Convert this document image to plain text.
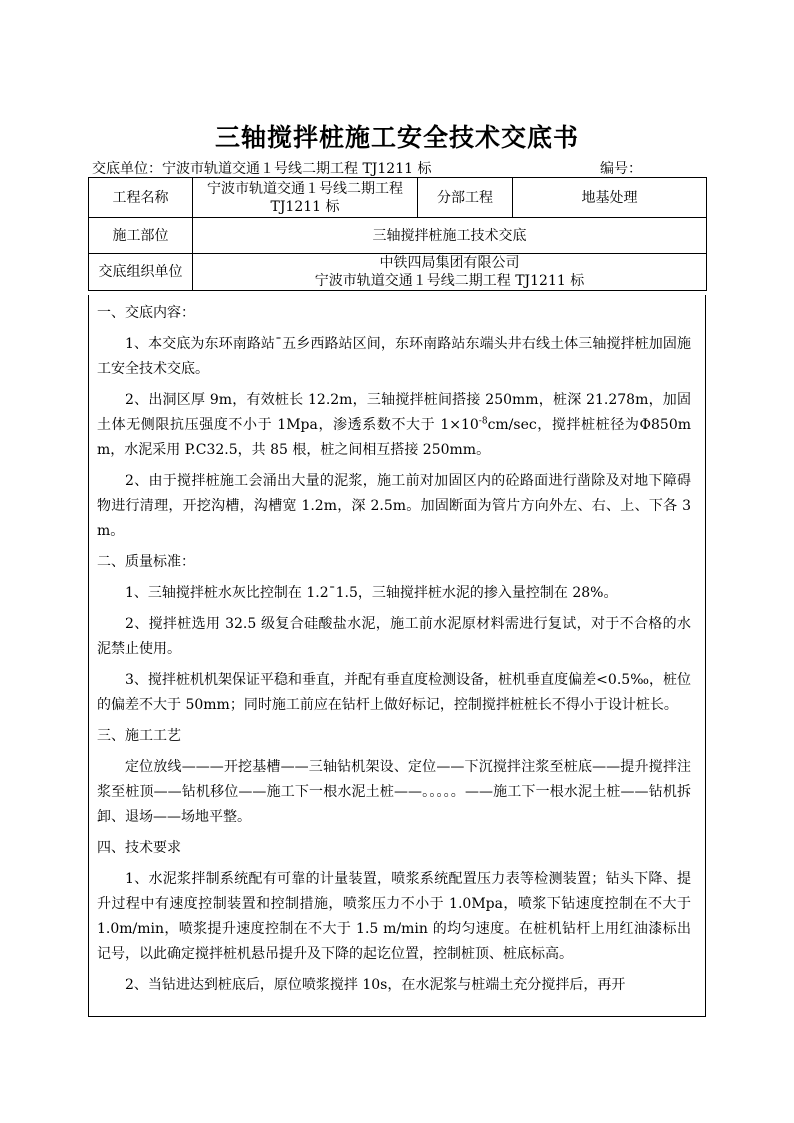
三轴搅拌桩施工安全技术交底书
交底单位：宁波市轨道交通１号线二期工程 TJ1211 标	编号：
工程名称	宁波市轨道交通１号线二期工程 TJ1211 标	分部工程	地基处理
施工部位	三轴搅拌桩施工技术交底		
交底组织单位	中铁四局集团有限公司
宁波市轨道交通１号线二期工程 TJ1211 标		

一、交底内容：

1、本交底为东环南路站¯五乡西路站区间，东环南路站东端头井右线土体三轴搅拌桩加固施工安全技术交底。

2、出洞区厚 9m，有效桩长 12.2m，三轴搅拌桩间搭接 250mm，桩深 21.278m，加固土体无侧限抗压强度不小于 1Mpa，渗透系数不大于 $1\times 10^{-8}cm/\sec$，搅拌桩桩径为Φ850mm，水泥采用 P.C32.5，共 85 根，桩之间相互搭接 250mm。

2、由于搅拌桩施工会涌出大量的泥浆，施工前对加固区内的砼路面进行凿除及对地下障碍物进行清理，开挖沟槽，沟槽宽 1.2m，深 2.5m。加固断面为管片方向外左、右、上、下各 3m。

二、质量标准：

1、三轴搅拌桩水灰比控制在 1.2¯1.5，三轴搅拌桩水泥的掺入量控制在 28%。

2、搅拌桩选用 32.5 级复合硅酸盐水泥，施工前水泥原材料需进行复试，对于不合格的水泥禁止使用。

3、搅拌桩机机架保证平稳和垂直，并配有垂直度检测设备，桩机垂直度偏差<0.5‰，桩位的偏差不大于 50mm；同时施工前应在钻杆上做好标记，控制搅拌桩桩长不得小于设计桩长。

三、施工工艺

定位放线———开挖基槽——三轴钻机架设、定位——下沉搅拌注浆至桩底——提升搅拌注浆至桩顶——钻机移位——施工下一根水泥土桩——。。。。。——施工下一根水泥土桩——钻机拆卸、退场——场地平整。

四、技术要求

1、水泥浆拌制系统配有可靠的计量装置，喷浆系统配置压力表等检测装置；钻头下降、提升过程中有速度控制装置和控制措施，喷浆压力不小于 1.0Mpa，喷浆下钻速度控制在不大于 1.0m/min，喷浆提升速度控制在不大于 1.5 m/min 的均匀速度。在桩机钻杆上用红油漆标出记号，以此确定搅拌桩机悬吊提升及下降的起讫位置，控制桩顶、桩底标高。

2、当钻进达到桩底后，原位喷浆搅拌 10s，在水泥浆与桩端土充分搅拌后，再开
